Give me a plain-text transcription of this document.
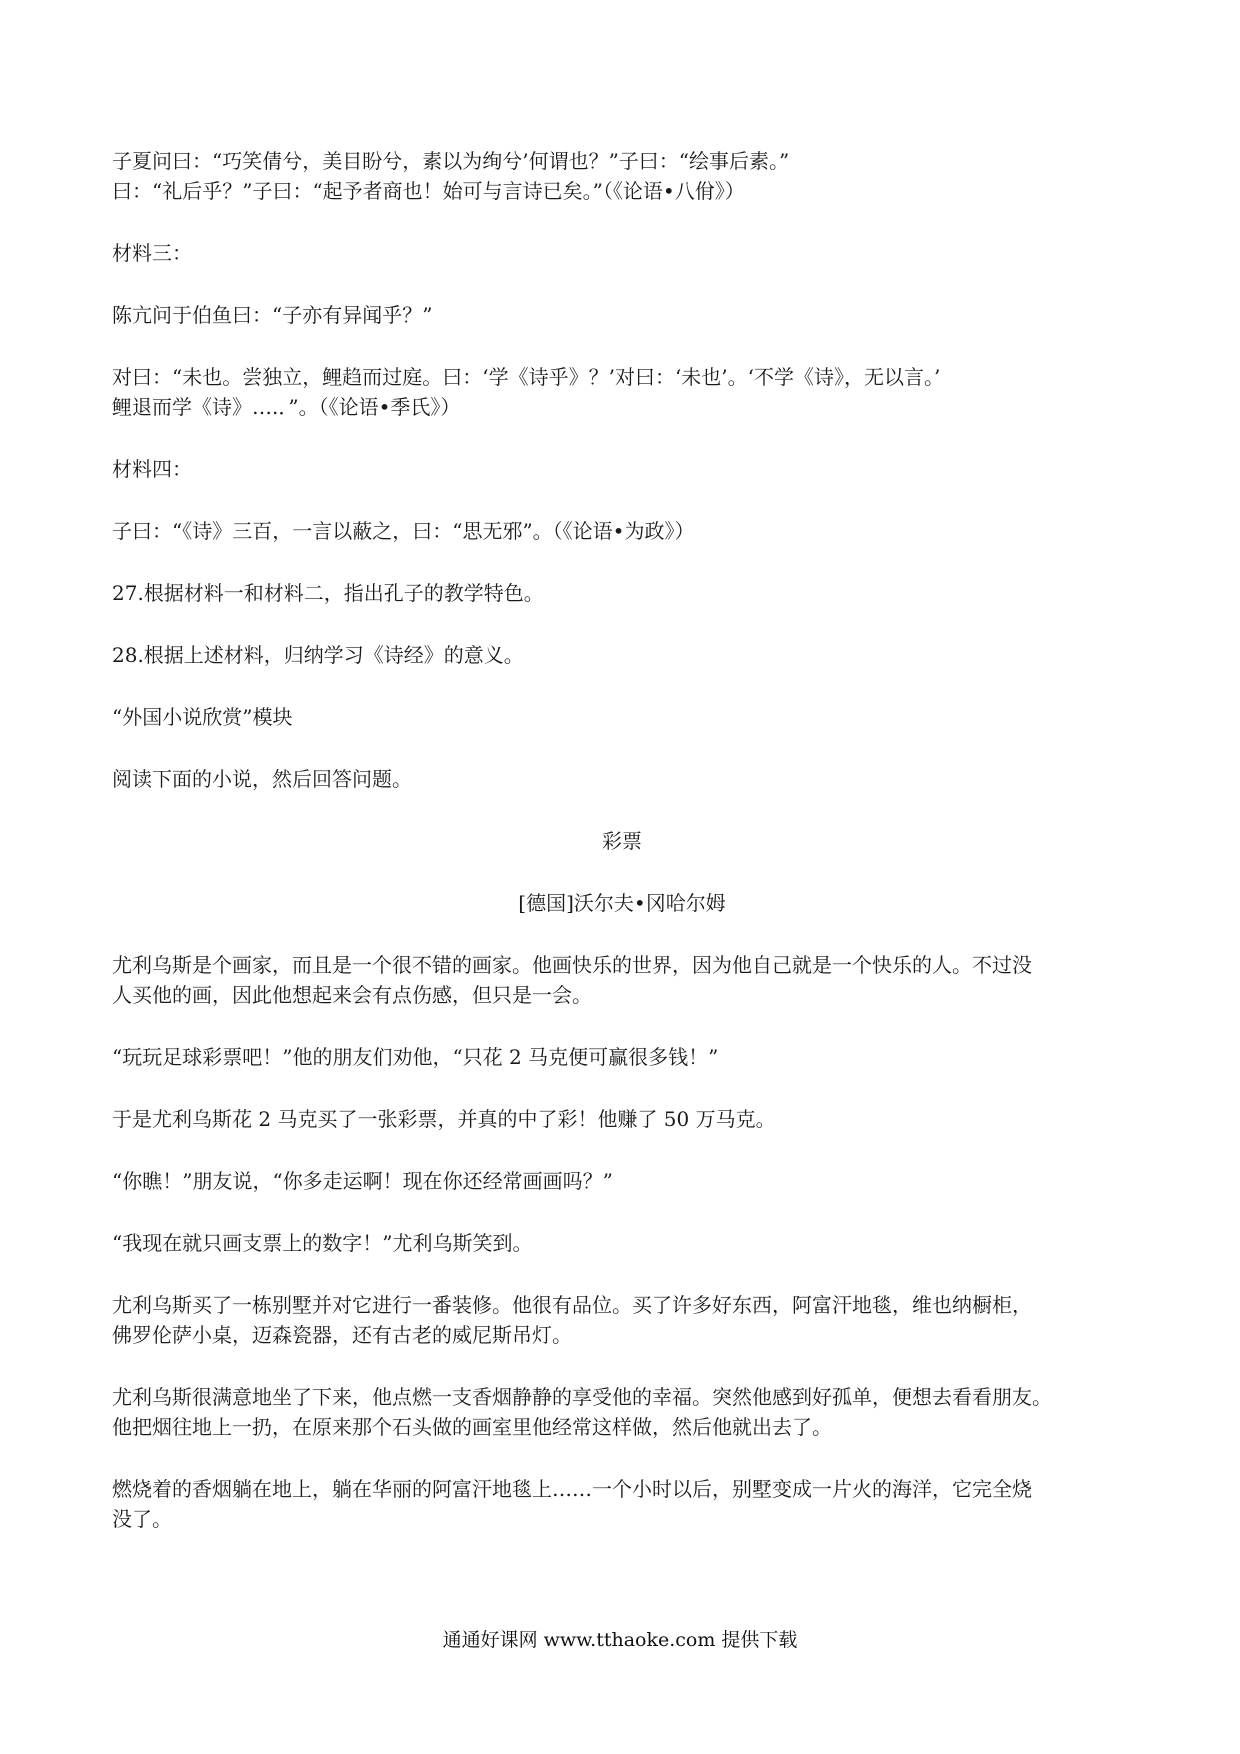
子夏问曰：“巧笑倩兮，美目盼兮，素以为绚兮’何谓也？”子曰：“绘事后素。”
曰：“礼后乎？”子曰：“起予者商也！始可与言诗已矣。”（《论语•八佾》）
材料三：
陈亢问于伯鱼曰：“子亦有异闻乎？”
对曰：“未也。尝独立，鲤趋而过庭。曰：‘学《诗乎》？’对曰：‘未也’。‘不学《诗》，无以言。’
鲤退而学《诗》….．”。（《论语•季氏》）
材料四：
子曰：“《诗》三百，一言以蔽之，曰：“思无邪”。（《论语•为政》）
27.根据材料一和材料二，指出孔子的教学特色。
28.根据上述材料，归纳学习《诗经》的意义。
“外国小说欣赏”模块
阅读下面的小说，然后回答问题。
彩票
[德国]沃尔夫•冈哈尔姆
尤利乌斯是个画家，而且是一个很不错的画家。他画快乐的世界，因为他自己就是一个快乐的人。不过没
人买他的画，因此他想起来会有点伤感，但只是一会。
“玩玩足球彩票吧！”他的朋友们劝他，“只花 2 马克便可赢很多钱！”
于是尤利乌斯花 2 马克买了一张彩票，并真的中了彩！他赚了 50 万马克。
“你瞧！”朋友说，“你多走运啊！现在你还经常画画吗？”
“我现在就只画支票上的数字！”尤利乌斯笑到。
尤利乌斯买了一栋别墅并对它进行一番装修。他很有品位。买了许多好东西，阿富汗地毯，维也纳橱柜，
佛罗伦萨小桌，迈森瓷器，还有古老的威尼斯吊灯。
尤利乌斯很满意地坐了下来，他点燃一支香烟静静的享受他的幸福。突然他感到好孤单，便想去看看朋友。
他把烟往地上一扔，在原来那个石头做的画室里他经常这样做，然后他就出去了。
燃烧着的香烟躺在地上，躺在华丽的阿富汗地毯上……一个小时以后，别墅变成一片火的海洋，它完全烧
没了。
通通好课网 www.tthaoke.com 提供下载
